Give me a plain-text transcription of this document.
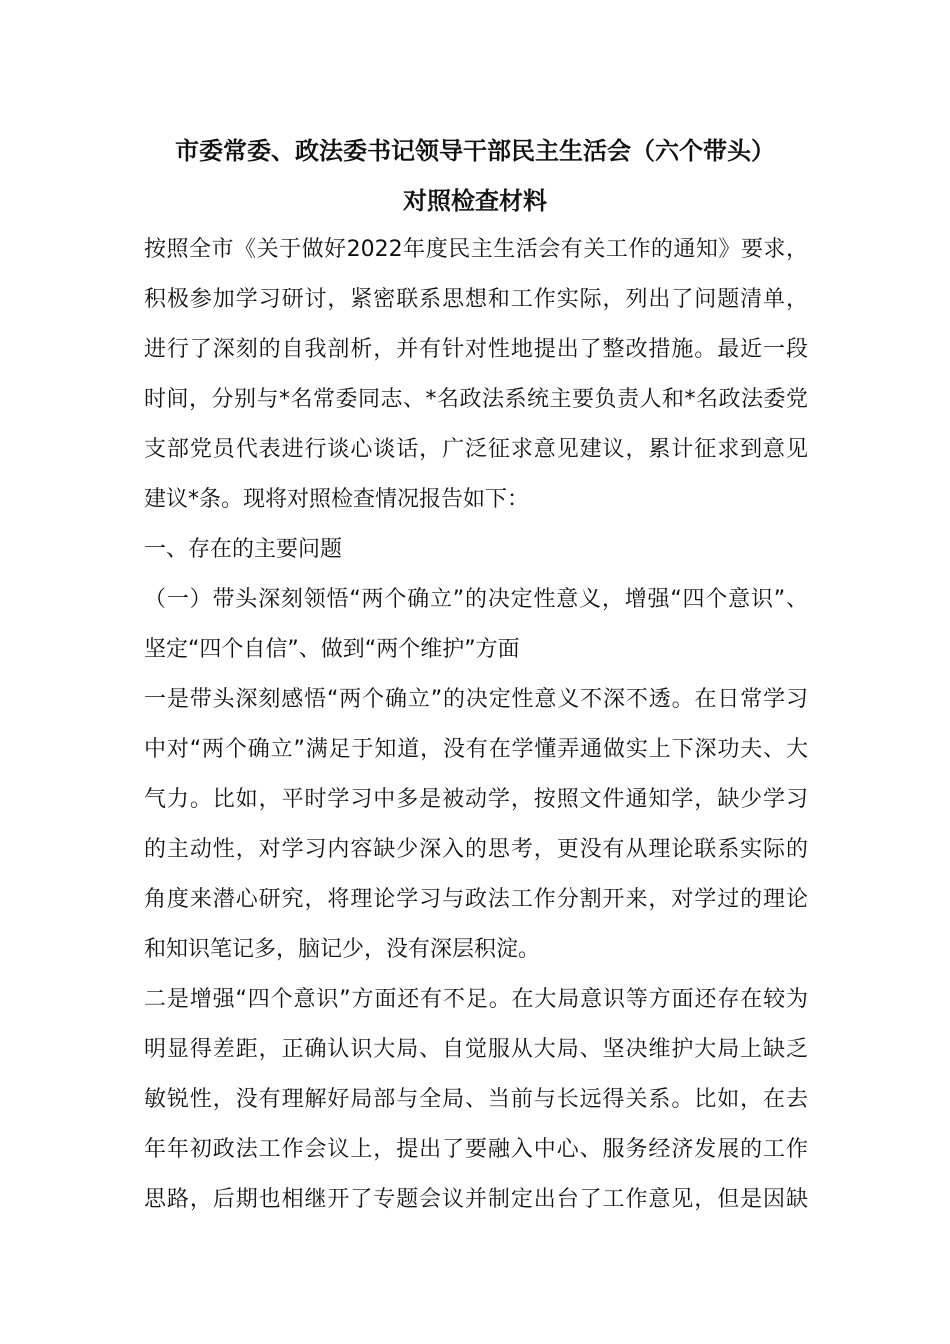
市委常委、政法委书记领导干部民主生活会（六个带头）
对照检查材料
按照全市《关于做好2022年度民主生活会有关工作的通知》要求，
积极参加学习研讨，紧密联系思想和工作实际，列出了问题清单，
进行了深刻的自我剖析，并有针对性地提出了整改措施。最近一段
时间，分别与*名常委同志、*名政法系统主要负责人和*名政法委党
支部党员代表进行谈心谈话，广泛征求意见建议，累计征求到意见
建议*条。现将对照检查情况报告如下：
一、存在的主要问题
（一）带头深刻领悟“两个确立”的决定性意义，增强“四个意识”、
坚定“四个自信”、做到“两个维护”方面
一是带头深刻感悟“两个确立”的决定性意义不深不透。在日常学习
中对“两个确立”满足于知道，没有在学懂弄通做实上下深功夫、大
气力。比如，平时学习中多是被动学，按照文件通知学，缺少学习
的主动性，对学习内容缺少深入的思考，更没有从理论联系实际的
角度来潜心研究，将理论学习与政法工作分割开来，对学过的理论
和知识笔记多，脑记少，没有深层积淀。
二是增强“四个意识”方面还有不足。在大局意识等方面还存在较为
明显得差距，正确认识大局、自觉服从大局、坚决维护大局上缺乏
敏锐性，没有理解好局部与全局、当前与长远得关系。比如，在去
年年初政法工作会议上，提出了要融入中心、服务经济发展的工作
思路，后期也相继开了专题会议并制定出台了工作意见，但是因缺
